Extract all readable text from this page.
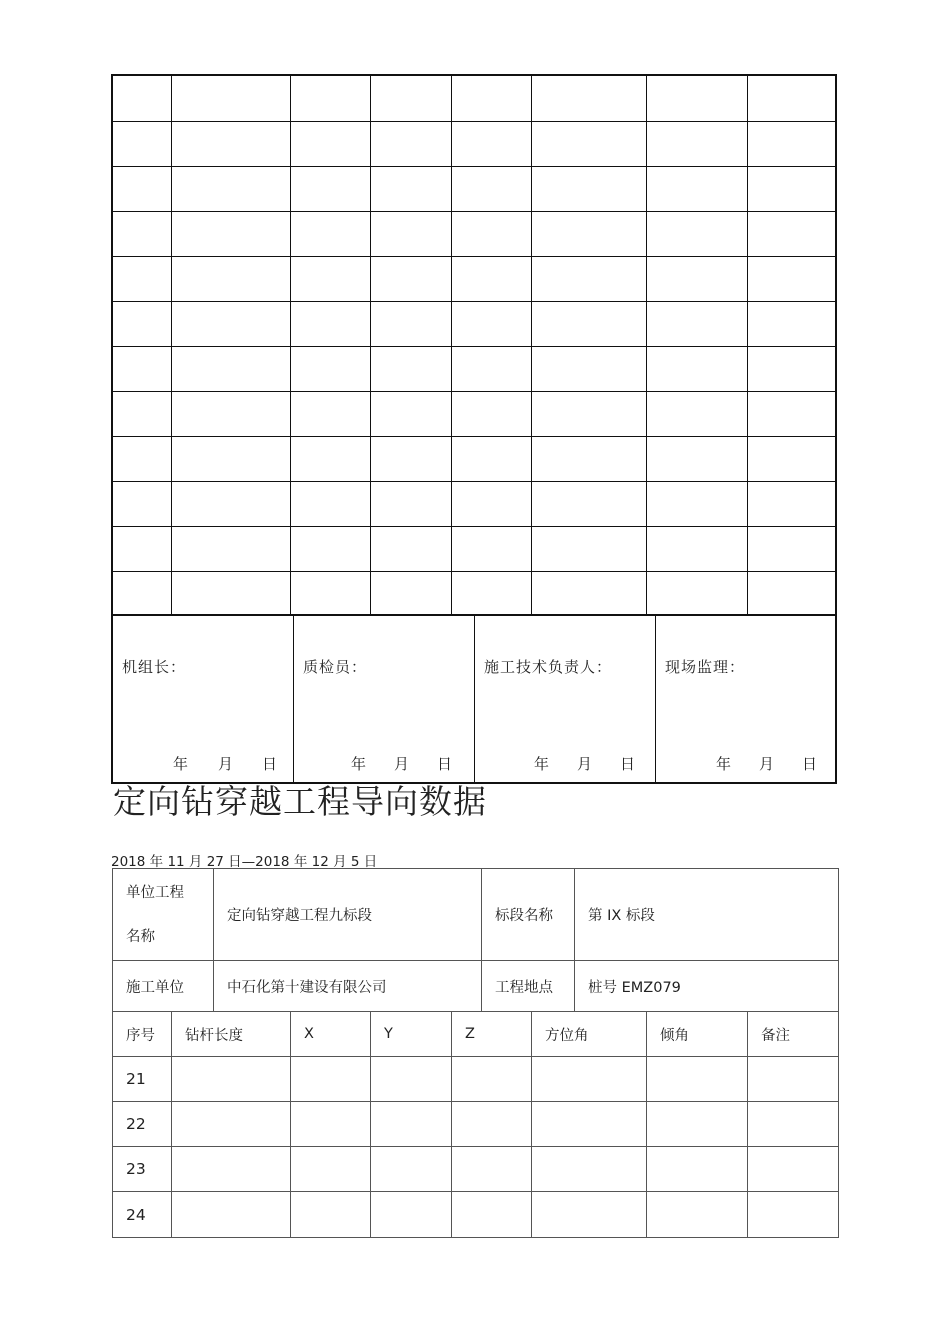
机组长：
年 月 日
质检员：
年 月 日
施工技术负责人：
年 月 日
现场监理：
年 月 日
定向钻穿越工程导向数据
2018 年 11 月 27 日—2018 年 12 月 5 日
单位工程
名称	定向钻穿越工程九标段	标段名称	第 IX 标段
施工单位	中石化第十建设有限公司	工程地点	桩号 EMZ079
序号	钻杆长度	X	Y	Z	方位角	倾角	备注
21							
22							
23							
24							
